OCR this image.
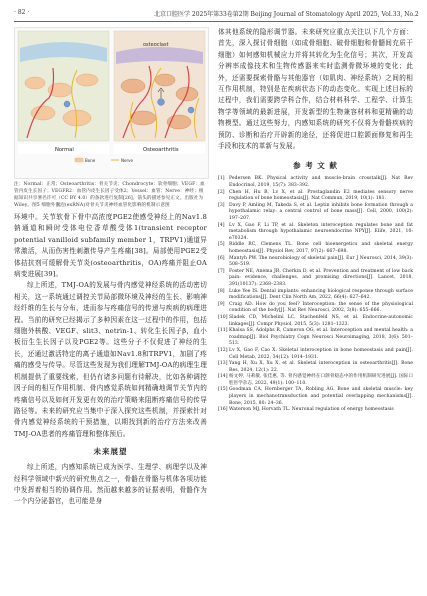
· 82 ·	北京口腔医学 2025年第33卷第2期 Beijing Journal of Stomatology April 2025, Vol.33, No.2
osteoclast
Normal	Osteoarthritis
Bone	Nerve
注：Normal：正常；Osteoarthritis：骨关节炎；Chondrocyte：软骨细胞；VEGF：血管内皮生长因子；VEGFR2：血管内皮生长因子受体2；Vessel：血管；Nerve：神经；根据知识共享署名许可（CC BY 4.0）的条款进行复制[26]。箭头的描述参见正文。出版社为Wiley。图5 细胞外囊泡(exRNA)对骨关节炎神经血管化影响的机制示意图

环境中。关节软骨下骨中高浓度PGE2使感受神经上的Nav1.8钠通道和瞬时受体电位香草酸受体1(transient receptor potential vanilloid subfamily member 1，TRPV1)通道异常激活，从而伤害性刺激传导产生疼痛[38]。局部使用PGE2受体拮抗剂可缓解骨关节炎(osteoarthritis，OA)疼痛并阻止OA病变进展[39]。

综上所述，TMJ-OA的发展与骨内感觉神经系统的活动密切相关，这一系统通过调控关节局部微环境及神经的生长、影响神经纤维的生长与分布，进而参与疼痛信号的传递与疾病的病理进程。当前的研究已经揭示了多种因素在这一过程中的作用，包括细胞外核酸、VEGF、slit3、netrin-1、转化生长因子β，血小板衍生生长因子以及PGE2等。这些分子不仅促进了神经的生长，还通过激活特定的离子通道如Nav1.8和TRPV1，加剧了疼痛的感受与传导。尽管这些发现为我们理解TMJ-OA的病理生理机制提供了重要线索，但仍有诸多问题有待解决，比如各种调控因子间的相互作用机制、骨内感觉系统如何精确地调节关节内的疼痛信号以及如何开发更有效的治疗策略来阻断疼痛信号的传导路径等。未来的研究应当集中于深入探究这些机制，并探索针对骨内感觉神经系统的干预措施，以期找到新的治疗方法来改善TMJ-OA患者的疼痛管理和整体预后。

未来展望

综上所述，内感知系统已成为医学、生理学、病理学以及神经科学领域中新兴的研究焦点之一，骨骼在骨骼与机体各项功能中发挥着相当的协调作用。然而越来越多的证据表明，骨骼作为一个内分泌器官，也可能是身

体其他系统的隐形调节器。未来研究应重点关注以下几个方面：首先，深入探讨骨细胞（如成骨细胞、破骨细胞和骨髓间充质干细胞）如何感知机械应力并将其转化为生化信号；其次，开发高分辨率成像技术和生物传感器来实时监测骨微环境的变化；此外，还需要探索骨骼与其他器官（如肌肉、神经系统）之间的相互作用机制，特别是在疾病状态下的动态变化。实现上述目标的过程中，我们需要跨学科合作，结合材料科学、工程学、计算生物学等领域的最新进展，开发新型的生物兼容材料和更精确的动物模型。通过这些努力，内感知系统的研究不仅将为骨骼疾病的预防、诊断和治疗开辟新的途径，还将促进口腔颌面修复和再生手段和技术的革新与发展。

参 考 文 献
[1] Pedersen BK. Physical activity and muscle-brain crosstalk[J]. Nat Rev Endocrinol, 2019, 15(7): 383–392.
[2] Chen H, Hu B, Lv X, et al. Prostaglandin E2 mediates sensory nerve regulation of bone homeostasis[J]. Nat Commun, 2019, 10(1): 181.
[3] Davy P, Amling M, Takeda S, et al. Leptin inhibits bone formation through a hypothalamic relay: a central control of bone mass[J]. Cell, 2000, 100(2): 197–207.
[4] Lv X, Gao F, Li TP, et al. Skeleton interoception regulates bone and fat metabolism through hypothalamic neuroendocrine NPY[J]. Elife, 2021, 10: e70324.
[5] Riddle RC, Clemens TL. Bone cell bioenergetics and skeletal energy homeostasis[J]. Physiol Rev, 2017, 97(2): 667–698.
[6] Mantyh PW. The neurobiology of skeletal pain[J]. Eur J Neurosci, 2014, 39(3): 508–519.
[7] Foster NE, Anema JR, Cherkin D, et al. Prevention and treatment of low back pain: evidence, challenges, and promising directions[J]. Lancet, 2018, 391(10137): 2368–2383.
[8] Luke Yee IS. Dental implants: enhancing biological response through surface modifications[J]. Dent Clin North Am, 2022, 66(4): 627–642.
[9] Craig AD. How do you feel? Interoception: the sense of the physiological condition of the body[J]. Nat Rev Neurosci, 2002, 3(8): 655–666.
[10] Sladek CD, Michelini LC, Stachenfeld NS, et al. Endocrine-autonomic linkages[J]. Compr Physiol, 2015, 5(3): 1281–1323.
[11] Khalsa SS, Adolphs R, Cameron OG, et al. Interoception and mental health: a roadmap[J]. Biol Psychiatry Cogn Neurosci Neuroimaging, 2018, 3(6): 501–513.
[12] Lv X, Gao F, Cao X. Skeletal interoception in bone homeostasis and pain[J]. Cell Metab, 2022, 34(12): 1914–1931.
[13] Yang H, Xu X, Xu X, et al. Skeletal interoception in osteoarthritis[J]. Bone Res, 2024, 12(1): 22.
[14] 杨文婷, 马莉敏, 张佳惠, 等. 骨内感觉神经在口颌骨稳态中的作用机制研究进展[J]. 国际口腔医学杂志, 2022, 49(1): 100–110.
[15] Goodman CA, Hornberger TA, Robling AG. Bone and skeletal muscle: key players in mechanotransduction and potential overlapping mechanisms[J]. Bone, 2015, 80: 24–36.
[16] Waterson MJ, Horvath TL. Neuronal regulation of energy homeostasis
